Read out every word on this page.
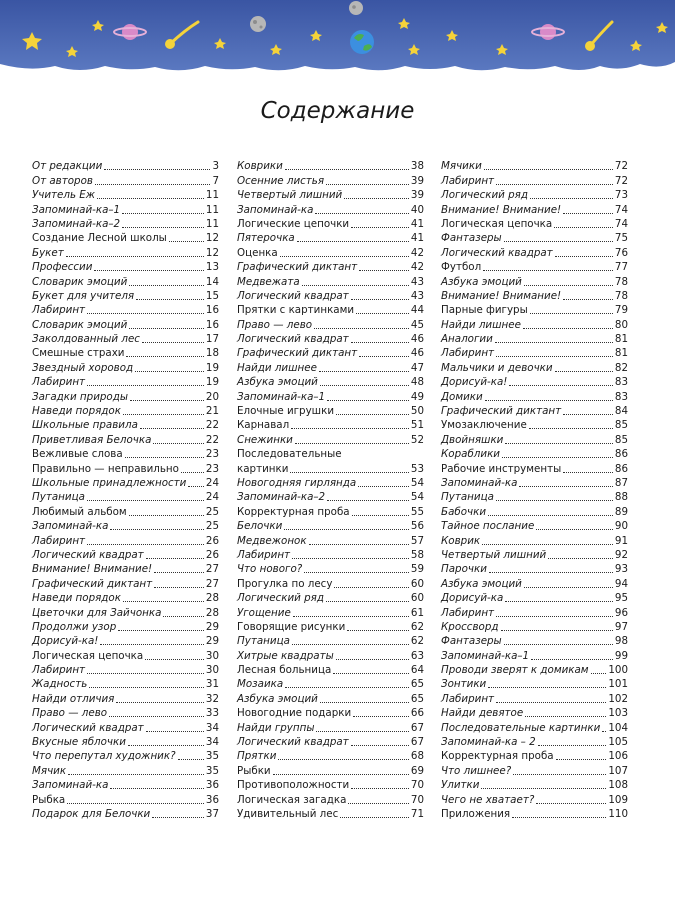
Содержание
От редакции	3
От авторов	7
Учитель Еж	11
Запоминай-ка–1	11
Запоминай-ка–2	11
Создание Лесной школы	12
Букет	12
Профессии	13
Словарик эмоций	14
Букет для учителя	15
Лабиринт	16
Словарик эмоций	16
Заколдованный лес	17
Смешные страхи	18
Звездный хоровод	19
Лабиринт	19
Загадки природы	20
Наведи порядок	21
Школьные правила	22
Приветливая Белочка	22
Вежливые слова	23
Правильно — неправильно	23
Школьные принадлежности 24
Путаница	24
Любимый альбом	25
Запоминай-ка	25
Лабиринт	26
Логический квадрат	26
Внимание! Внимание!	27
Графический диктант	27
Наведи порядок	28
Цветочки для Зайчонка	28
Продолжи узор	29
Дорисуй-ка!	29
Логическая цепочка	30
Лабиринт	30
Жадность	31
Найди отличия	32
Право — лево	33
Логический квадрат	34
Вкусные яблочки	34
Что перепутал художник?	35
Мячик	35
Запоминай-ка	36
Рыбка	36
Подарок для Белочки	37
Коврики	38
Осенние листья	39
Четвертый лишний	39
Запоминай-ка	40
Логические цепочки	41
Пятерочка	41
Оценка	42
Графический диктант	42
Медвежата	43
Логический квадрат	43
Прятки с картинками	44
Право — лево	45
Логический квадрат	46
Графический диктант	46
Найди лишнее	47
Азбука эмоций	48
Запоминай-ка–1	49
Елочные игрушки	50
Карнавал	51
Снежинки	52
Последовательные
картинки	53
Новогодняя гирлянда	54
Запоминай-ка–2	54
Корректурная проба	55
Белочки	56
Медвежонок	57
Лабиринт	58
Что нового?	59
Прогулка по лесу	60
Логический ряд	60
Угощение	61
Говорящие рисунки	62
Путаница	62
Хитрые квадраты	63
Лесная больница	64
Мозаика	65
Азбука эмоций	65
Новогодние подарки	66
Найди группы	67
Логический квадрат	67
Прятки	68
Рыбки	69
Противоположности	70
Логическая загадка	70
Удивительный лес	71
Мячики	72
Лабиринт	72
Логический ряд	73
Внимание! Внимание!	74
Логическая цепочка	74
Фантазеры	75
Логический квадрат	76
Футбол	77
Азбука эмоций	78
Внимание! Внимание!	78
Парные фигуры	79
Найди лишнее	80
Аналогии	81
Лабиринт	81
Мальчики и девочки	82
Дорисуй-ка!	83
Домики	83
Графический диктант	84
Умозаключение	85
Двойняшки	85
Кораблики	86
Рабочие инструменты	86
Запоминай-ка	87
Путаница	88
Бабочки	89
Тайное послание	90
Коврик	91
Четвертый лишний	92
Парочки	93
Азбука эмоций	94
Дорисуй-ка	95
Лабиринт	96
Кроссворд	97
Фантазеры	98
Запоминай-ка–1	99
Проводи зверят к домикам 100
Зонтики	101
Лабиринт	102
Найди девятое	103
Последовательные картинки 104
Запоминай-ка – 2	105
Корректурная проба	106
Что лишнее?	107
Улитки	108
Чего не хватает?	109
Приложения	110
